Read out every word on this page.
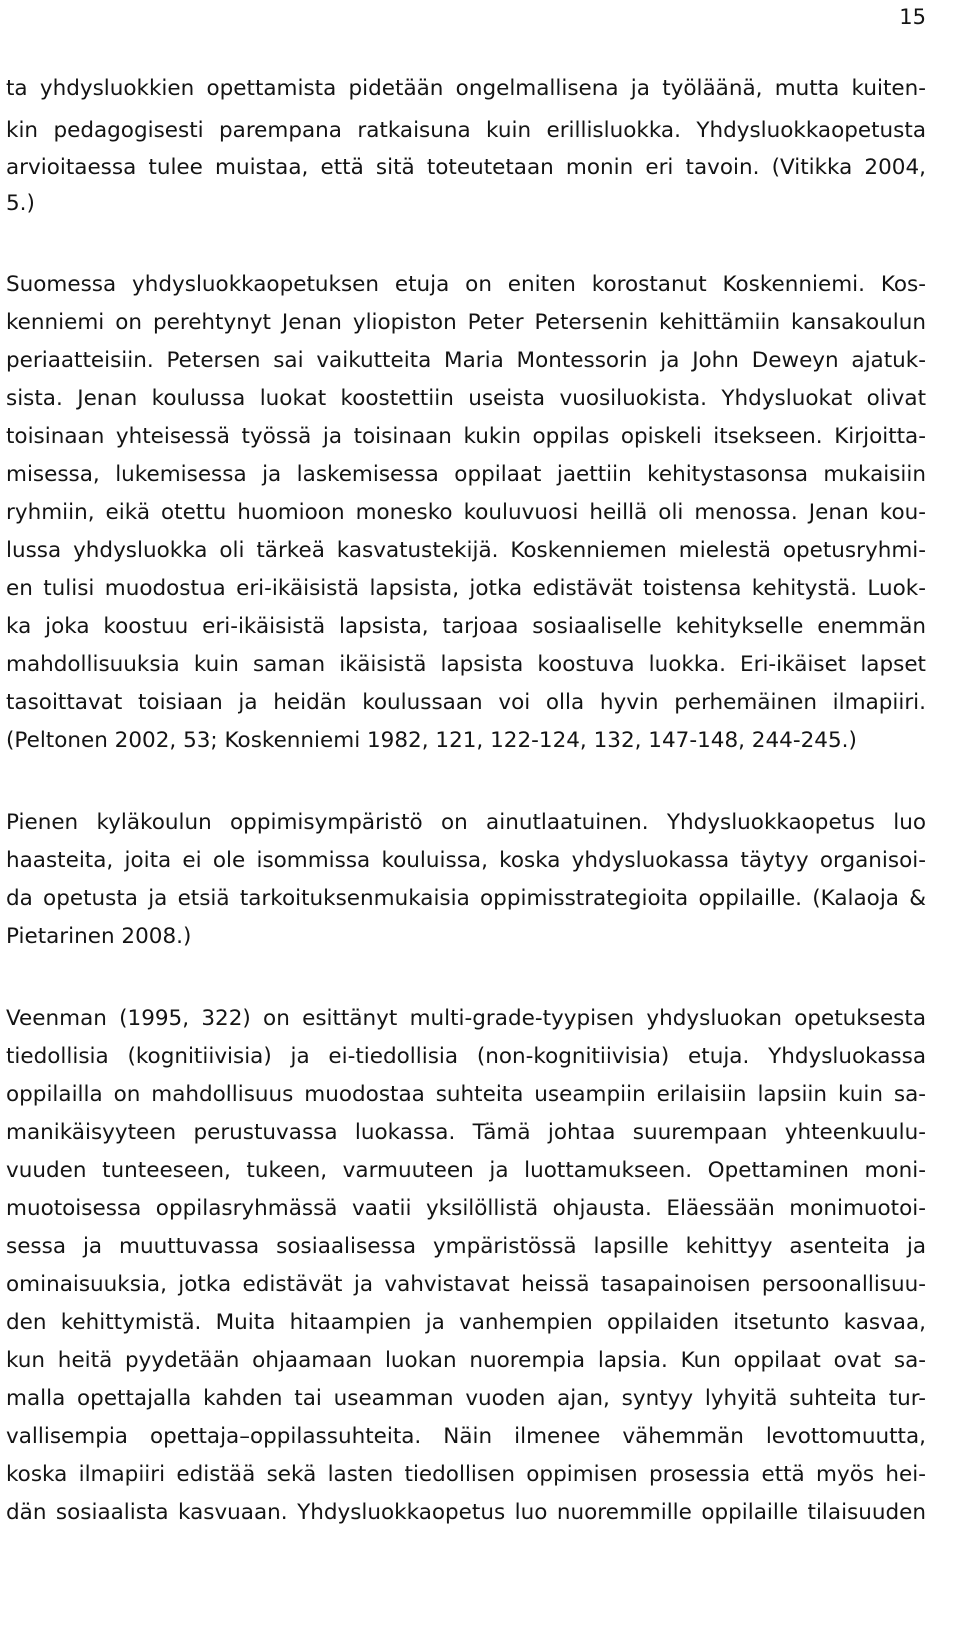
15
ta yhdysluokkien opettamista pidetään ongelmallisena ja työläänä, mutta kuiten-
kin pedagogisesti parempana ratkaisuna kuin erillisluokka. Yhdysluokkaopetusta
arvioitaessa tulee muistaa, että sitä toteutetaan monin eri tavoin. (Vitikka 2004,
5.)
Suomessa yhdysluokkaopetuksen etuja on eniten korostanut Koskenniemi. Kos-
kenniemi on perehtynyt Jenan yliopiston Peter Petersenin kehittämiin kansakoulun
periaatteisiin. Petersen sai vaikutteita Maria Montessorin ja John Deweyn ajatuk-
sista. Jenan koulussa luokat koostettiin useista vuosiluokista. Yhdysluokat olivat
toisinaan yhteisessä työssä ja toisinaan kukin oppilas opiskeli itsekseen. Kirjoitta-
misessa, lukemisessa ja laskemisessa oppilaat jaettiin kehitystasonsa mukaisiin
ryhmiin, eikä otettu huomioon monesko kouluvuosi heillä oli menossa. Jenan kou-
lussa yhdysluokka oli tärkeä kasvatustekijä. Koskenniemen mielestä opetusryhmi-
en tulisi muodostua eri-ikäisistä lapsista, jotka edistävät toistensa kehitystä. Luok-
ka joka koostuu eri-ikäisistä lapsista, tarjoaa sosiaaliselle kehitykselle enemmän
mahdollisuuksia kuin saman ikäisistä lapsista koostuva luokka. Eri-ikäiset lapset
tasoittavat toisiaan ja heidän koulussaan voi olla hyvin perhemäinen ilmapiiri.
(Peltonen 2002, 53; Koskenniemi 1982, 121, 122-124, 132, 147-148, 244-245.)
Pienen kyläkoulun oppimisympäristö on ainutlaatuinen. Yhdysluokkaopetus luo
haasteita, joita ei ole isommissa kouluissa, koska yhdysluokassa täytyy organisoi-
da opetusta ja etsiä tarkoituksenmukaisia oppimisstrategioita oppilaille. (Kalaoja &
Pietarinen 2008.)
Veenman (1995, 322) on esittänyt multi-grade-tyypisen yhdysluokan opetuksesta
tiedollisia (kognitiivisia) ja ei-tiedollisia (non-kognitiivisia) etuja. Yhdysluokassa
oppilailla on mahdollisuus muodostaa suhteita useampiin erilaisiin lapsiin kuin sa-
manikäisyyteen perustuvassa luokassa. Tämä johtaa suurempaan yhteenkuulu-
vuuden tunteeseen, tukeen, varmuuteen ja luottamukseen. Opettaminen moni-
muotoisessa oppilasryhmässä vaatii yksilöllistä ohjausta. Eläessään monimuotoi-
sessa ja muuttuvassa sosiaalisessa ympäristössä lapsille kehittyy asenteita ja
ominaisuuksia, jotka edistävät ja vahvistavat heissä tasapainoisen persoonallisuu-
den kehittymistä. Muita hitaampien ja vanhempien oppilaiden itsetunto kasvaa,
kun heitä pyydetään ohjaamaan luokan nuorempia lapsia. Kun oppilaat ovat sa-
malla opettajalla kahden tai useamman vuoden ajan, syntyy lyhyitä suhteita tur-
vallisempia opettaja–oppilassuhteita. Näin ilmenee vähemmän levottomuutta,
koska ilmapiiri edistää sekä lasten tiedollisen oppimisen prosessia että myös hei-
dän sosiaalista kasvuaan. Yhdysluokkaopetus luo nuoremmille oppilaille tilaisuuden
